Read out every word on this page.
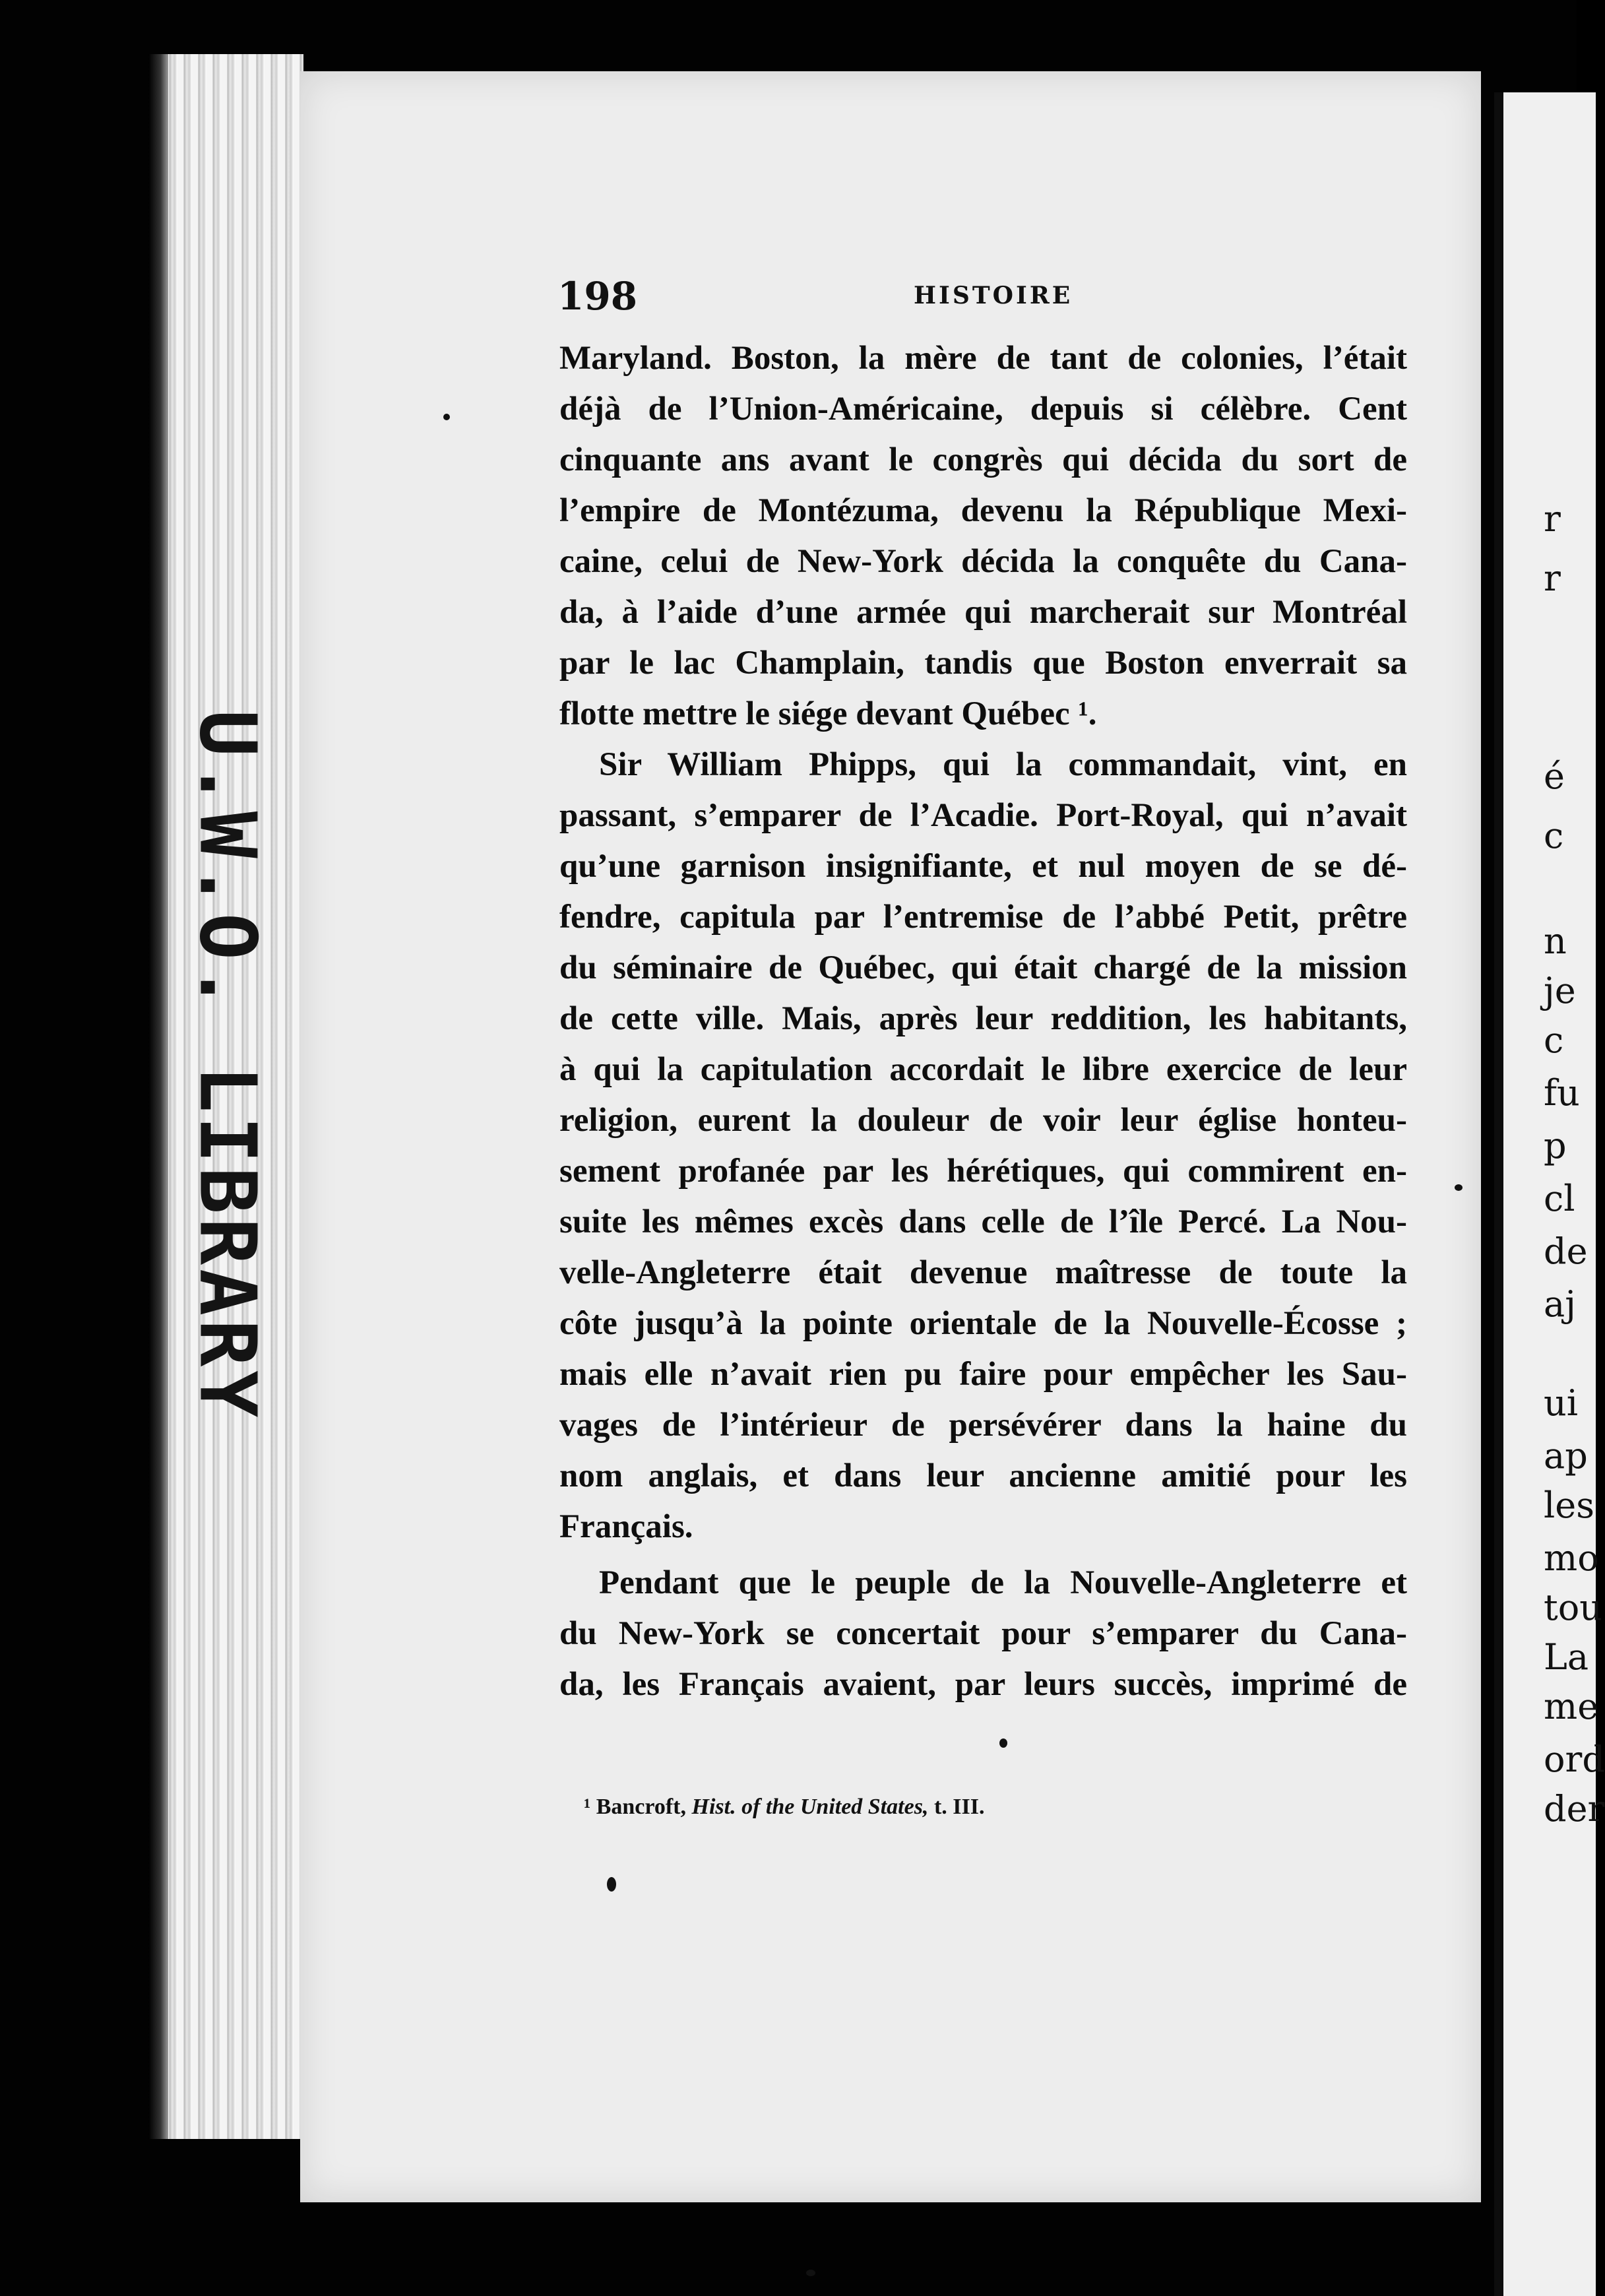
U.W.O. LIBRARY
r
r
é
c
n
je
c
fu
p
cl
de
aj
ui
ap
les
mo
tou
La
me
ord
der
198	HISTOIRE
Maryland. Boston, la mère de tant de colonies, l’était
déjà de l’Union-Américaine, depuis si célèbre. Cent
cinquante ans avant le congrès qui décida du sort de
l’empire de Montézuma, devenu la République Mexi-
caine, celui de New-York décida la conquête du Cana-
da, à l’aide d’une armée qui marcherait sur Montréal
par le lac Champlain, tandis que Boston enverrait sa
flotte mettre le siége devant Québec ¹.
Sir William Phipps, qui la commandait, vint, en
passant, s’emparer de l’Acadie. Port-Royal, qui n’avait
qu’une garnison insignifiante, et nul moyen de se dé-
fendre, capitula par l’entremise de l’abbé Petit, prêtre
du séminaire de Québec, qui était chargé de la mission
de cette ville. Mais, après leur reddition, les habitants,
à qui la capitulation accordait le libre exercice de leur
religion, eurent la douleur de voir leur église honteu-
sement profanée par les hérétiques, qui commirent en-
suite les mêmes excès dans celle de l’île Percé. La Nou-
velle-Angleterre était devenue maîtresse de toute la
côte jusqu’à la pointe orientale de la Nouvelle-Écosse ;
mais elle n’avait rien pu faire pour empêcher les Sau-
vages de l’intérieur de persévérer dans la haine du
nom anglais, et dans leur ancienne amitié pour les
Français.
Pendant que le peuple de la Nouvelle-Angleterre et
du New-York se concertait pour s’emparer du Cana-
da, les Français avaient, par leurs succès, imprimé de
¹ Bancroft, Hist. of the United States, t. III.
